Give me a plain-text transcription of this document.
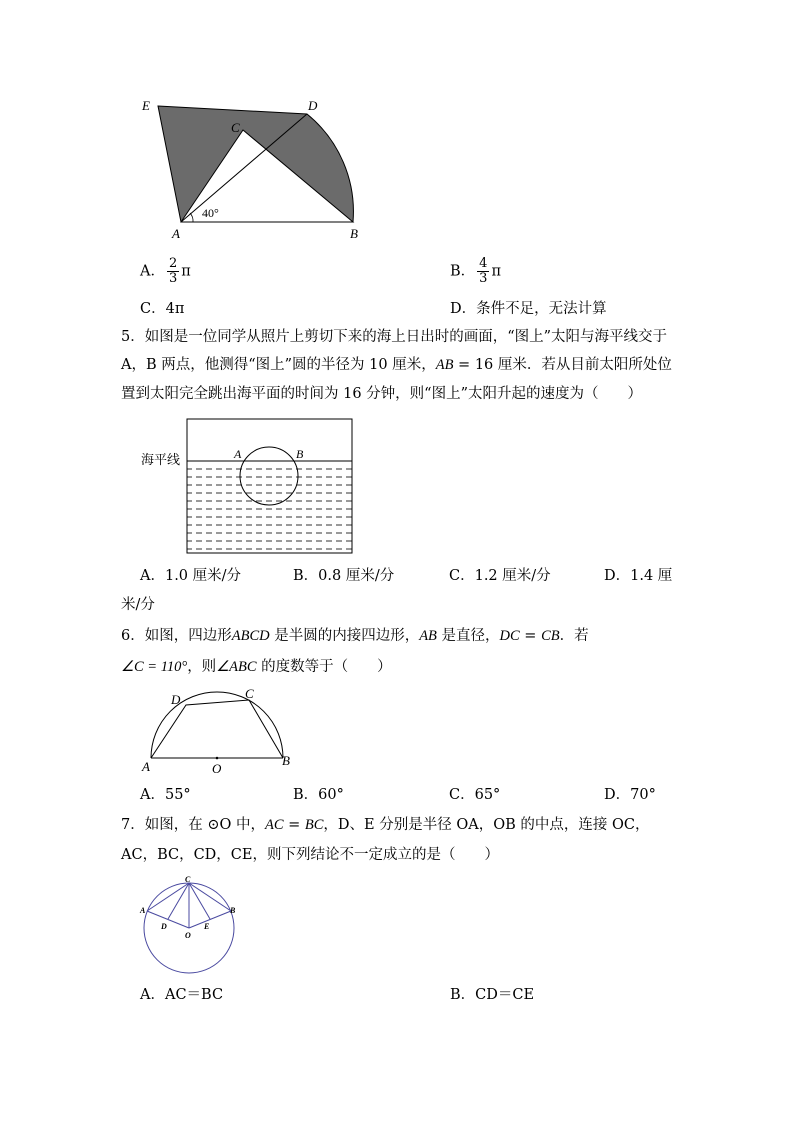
E	D
C
A	B
40°
A． $\frac{2}{3}$ π	B． $\frac{4}{3}$ π
C．4π	D．条件不足，无法计算
5．如图是一位同学从照片上剪切下来的海上日出时的画面，“图上”太阳与海平线交于
A，B 两点，他测得“图上”圆的半径为 10 厘米，AB = 16 厘米．若从目前太阳所处位
置到太阳完全跳出海平面的时间为 16 分钟，则“图上”太阳升起的速度为（　　）
海平线	A	B
A．1.0 厘米/分	B．0.8 厘米/分	C．1.2 厘米/分	D．1.4 厘
米/分
6．如图，四边形ABCD 是半圆的内接四边形，AB 是直径，DC = CB．若
∠C = 110°，则∠ABC 的度数等于（　　）
A	B
C
D
O
A．55°	B．60°	C．65°	D．70°
7．如图，在 ⊙O 中，AC = BC，D、E 分别是半径 OA，OB 的中点，连接 OC，
AC，BC，CD，CE，则下列结论不一定成立的是（　　）
C
A	B
D	E
O
A．AC＝BC	B．CD＝CE
